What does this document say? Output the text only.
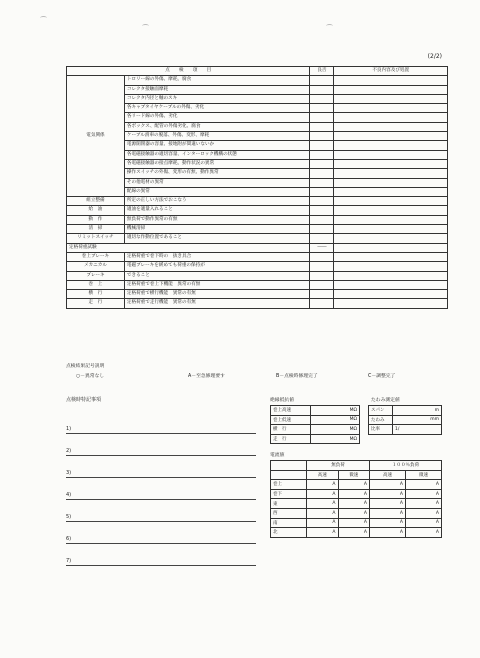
(2/2)
点　　検　　項　　目		良否	不良内容及び処置
電気関係	トロリー線の外傷、摩耗、腐食		
	コレクタ接触面摩耗		
	コレクタ内径と軸のスキ		
	各キャブタイヤケーブルの外傷、劣化		
	各リード線の外傷、劣化		
	各ボックス、配管の外傷劣化、腐食		
	ケーブル滑車の脱落、外傷、変形、摩耗		
	電源開閉器の容量、接地附が間違いないか		
	各電磁接触器の適切容量、インターロック機構の状態		
	各電磁接触器の接点摩耗、動作状況の異常		
	操作スイッチの外傷、変形の有無、動作異常		
	その他電材の異常		
	配線の異常		
組立整備	所定の正しい方法でおこなう		
給　油	適油を適量入れること		
動　作	無負荷で動作異常の有無		
清　掃	機械清掃		
リミットスイッチ	適切な作動位置であること		
定格荷重試験		――	
巻上ブレーキ	定格荷重で巻下時の　抜き具合		
メカニカル	電磁ブレーキを緩めても荷重の保持が		
ブレーキ	できること		
巻　上	定格荷重で巻上下機能　異常の有無		
横　行	定格荷重で横行機能　異常の有無		
走　行	定格荷重で走行機能　異常の有無		
点検結果記号説明
○－異常なし	A－至急修理要す	B－点検時修理完了	C－調整完了
点検時特記事項
1)
2)
3)
4)
5)
6)
7)
絶縁抵抗値
巻上高速	MΩ
巻上低速	MΩ
横　行	MΩ
走　行	MΩ
たわみ測定値
スパン	m
たわみ	mm
比率	1/
電流値
	無負荷		１００％負荷	
	高速	微速	高速	微速
巻上	A	A	A	A
巻下	A	A	A	A
東	A	A	A	A
西	A	A	A	A
南	A	A	A	A
北	A	A	A	A
